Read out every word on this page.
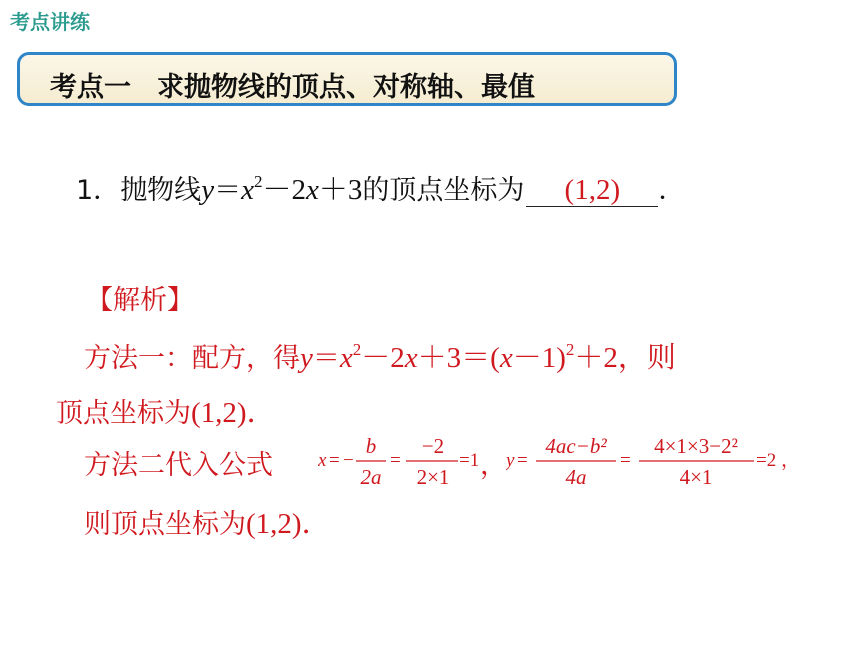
考点讲练
考点一 求抛物线的顶点、对称轴、最值
1．抛物线$y=x^2-2x+3$的顶点坐标为 (1,2) ．
【解析】
方法一：配方，得$y=x^2-2x+3=(x-1)^2+2$，则
顶点坐标为(1,2)．
方法二代入公式 x = −
b
2a
=
−2
2×1
=1 ， y =
4ac−b²
4a
=
4×1×3−2²
4×1
=2 ，
则顶点坐标为(1,2)．
